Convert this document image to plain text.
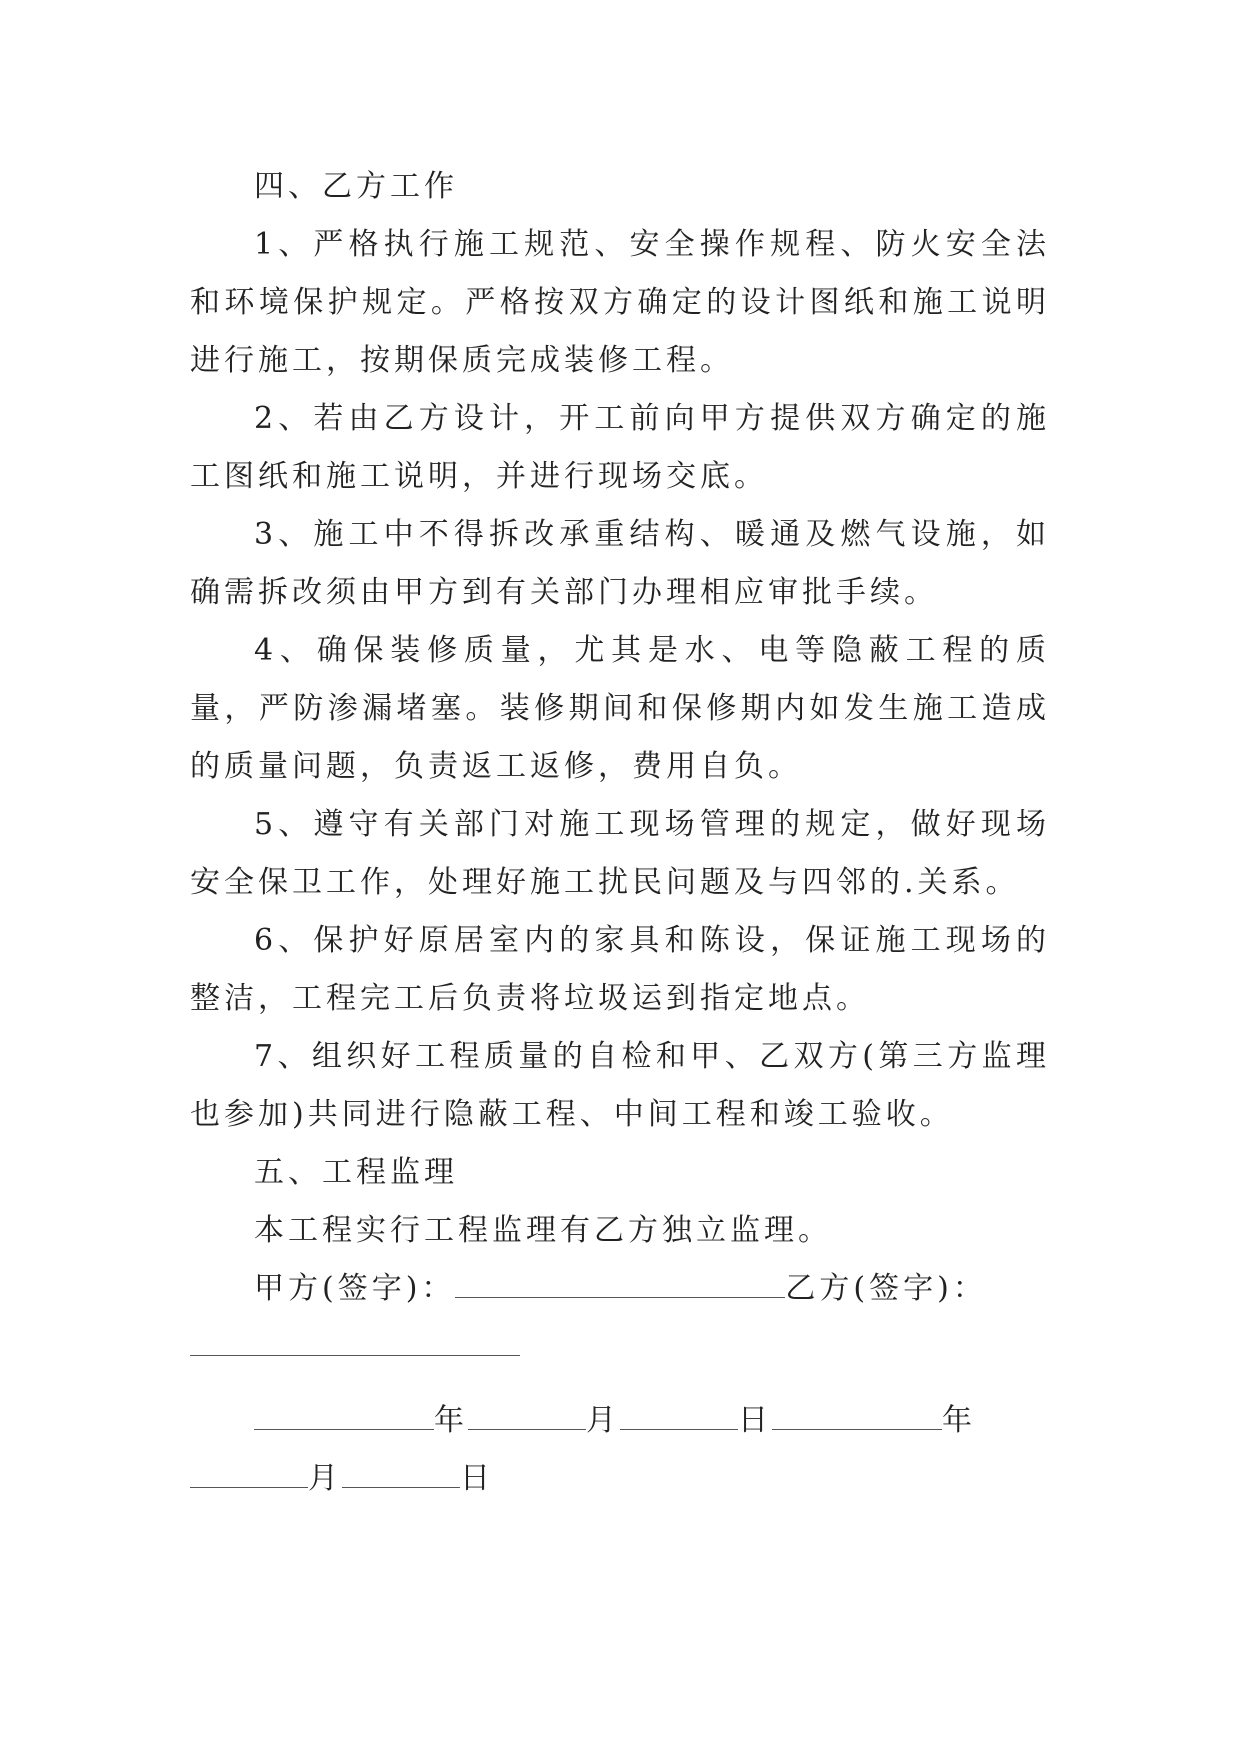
四、乙方工作

1、严格执行施工规范、安全操作规程、防火安全法和环境保护规定。严格按双方确定的设计图纸和施工说明进行施工，按期保质完成装修工程。

2、若由乙方设计，开工前向甲方提供双方确定的施工图纸和施工说明，并进行现场交底。

3、施工中不得拆改承重结构、暖通及燃气设施，如确需拆改须由甲方到有关部门办理相应审批手续。

4、确保装修质量，尤其是水、电等隐蔽工程的质量，严防渗漏堵塞。装修期间和保修期内如发生施工造成的质量问题，负责返工返修，费用自负。

5、遵守有关部门对施工现场管理的规定，做好现场安全保卫工作，处理好施工扰民问题及与四邻的.关系。

6、保护好原居室内的家具和陈设，保证施工现场的整洁，工程完工后负责将垃圾运到指定地点。

7、组织好工程质量的自检和甲、乙双方(第三方监理也参加)共同进行隐蔽工程、中间工程和竣工验收。

五、工程监理

本工程实行工程监理有乙方独立监理。

甲方(签字)：	乙方(签字)：
年	月	日	年
月	日
